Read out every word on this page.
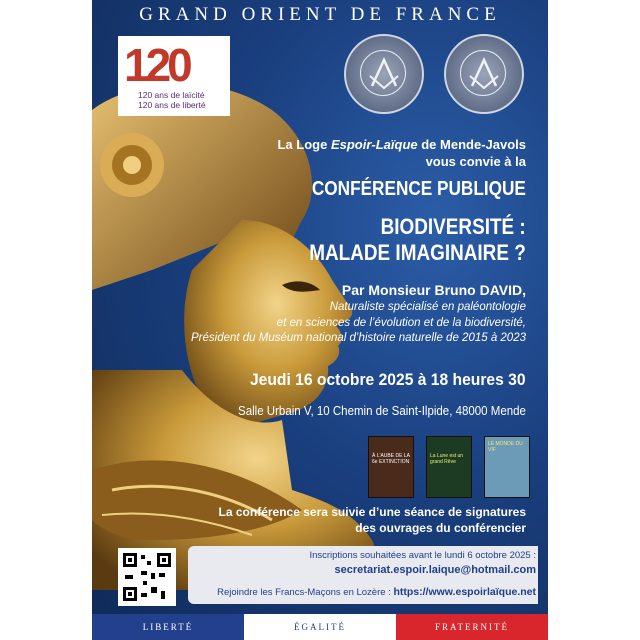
GRAND ORIENT DE FRANCE
120
120 ans de laïcité
120 ans de liberté
La Loge Espoir-Laïque de Mende-Javols
vous convie à la
CONFÉRENCE PUBLIQUE
BIODIVERSITÉ :
MALADE IMAGINAIRE ?
Par Monsieur Bruno DAVID,
Naturaliste spécialisé en paléontologie
et en sciences de l’évolution et de la biodiversité,
Président du Muséum national d’histoire naturelle de 2015 à 2023
Jeudi 16 octobre 2025 à 18 heures 30
Salle Urbain V, 10 Chemin de Saint-Ilpide, 48000 Mende
À L'AUBE DE LA 6e EXTINCTION
La Lune est un grand Rêve
LE MONDE DU VIF
La conférence sera suivie d’une séance de signatures
des ouvrages du conférencier
Inscriptions souhaitées avant le lundi 6 octobre 2025 :
secretariat.espoir.laique@hotmail.com
Rejoindre les Francs-Maçons en Lozère : https://www.espoirlaïque.net
LIBERTÉ	ÉGALITÉ	FRATERNITÉ
